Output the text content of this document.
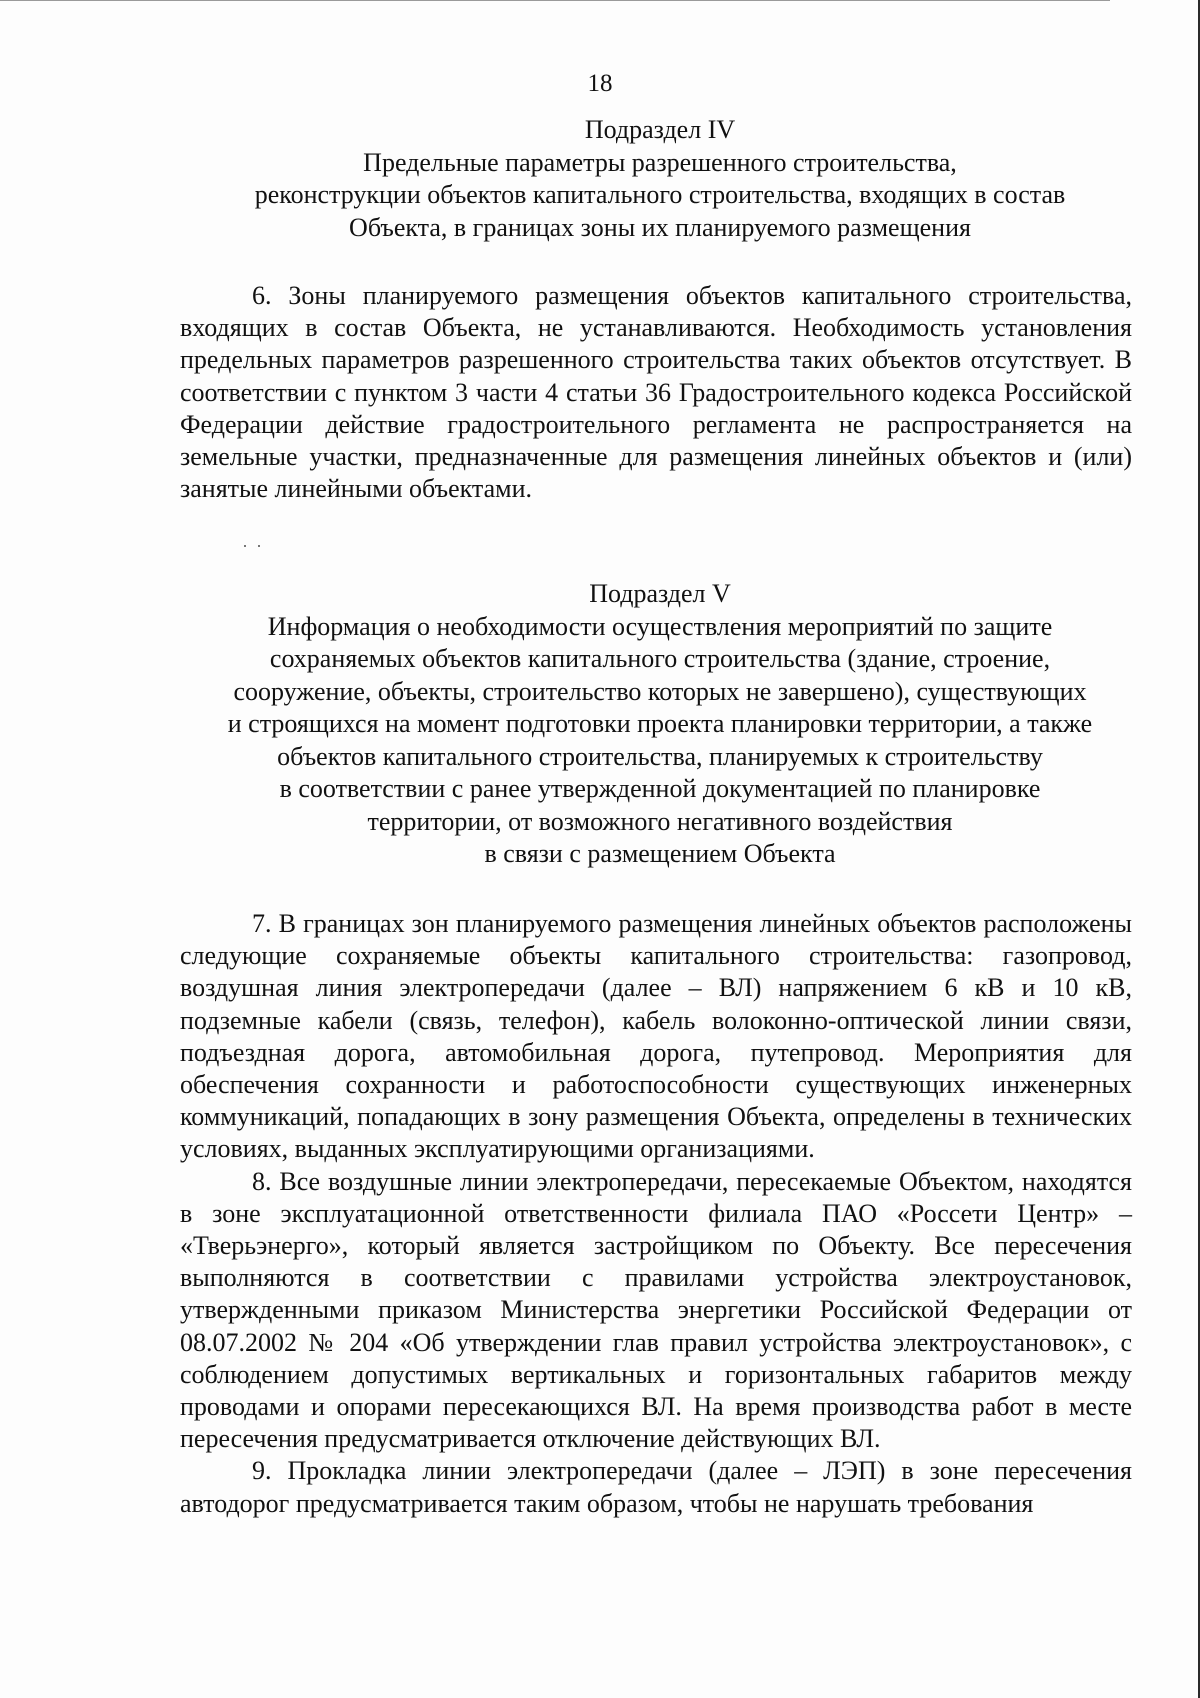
18
Подраздел IV
Предельные параметры разрешенного строительства,
реконструкции объектов капитального строительства, входящих в состав
Объекта, в границах зоны их планируемого размещения

6. Зоны планируемого размещения объектов капитального строительства, входящих в состав Объекта, не устанавливаются. Необходимость установления предельных параметров разрешенного строительства таких объектов отсутствует. В соответствии с пунктом 3 части 4 статьи 36 Градостроительного кодекса Российской Федерации действие градостроительного регламента не распространяется на земельные участки, предназначенные для размещения линейных объектов и (или) занятые линейными объектами.

Подраздел V
Информация о необходимости осуществления мероприятий по защите
сохраняемых объектов капитального строительства (здание, строение,
сооружение, объекты, строительство которых не завершено), существующих
и строящихся на момент подготовки проекта планировки территории, а также
объектов капитального строительства, планируемых к строительству
в соответствии с ранее утвержденной документацией по планировке
территории, от возможного негативного воздействия
в связи с размещением Объекта

7. В границах зон планируемого размещения линейных объектов расположены следующие сохраняемые объекты капитального строительства: газопровод, воздушная линия электропередачи (далее – ВЛ) напряжением 6 кВ и 10 кВ, подземные кабели (связь, телефон), кабель волоконно-оптической линии связи, подъездная дорога, автомобильная дорога, путепровод. Мероприятия для обеспечения сохранности и работоспособности существующих инженерных коммуникаций, попадающих в зону размещения Объекта, определены в технических условиях, выданных эксплуатирующими организациями.

8. Все воздушные линии электропередачи, пересекаемые Объектом, находятся в зоне эксплуатационной ответственности филиала ПАО «Россети Центр» – «Тверьэнерго», который является застройщиком по Объекту. Все пересечения выполняются в соответствии с правилами устройства электроустановок, утвержденными приказом Министерства энергетики Российской Федерации от 08.07.2002 № 204 «Об утверждении глав правил устройства электроустановок», с соблюдением допустимых вертикальных и горизонтальных габаритов между проводами и опорами пересекающихся ВЛ. На время производства работ в месте пересечения предусматривается отключение действующих ВЛ.

9. Прокладка линии электропередачи (далее – ЛЭП) в зоне пересечения автодорог предусматривается таким образом, чтобы не нарушать требования
